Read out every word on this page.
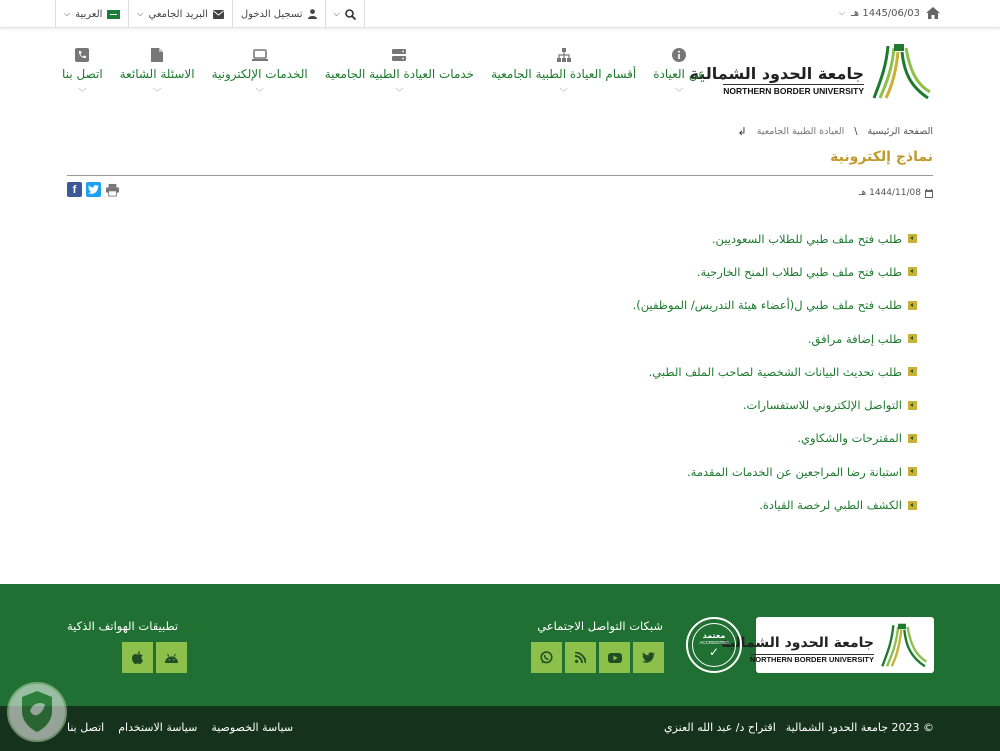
1445/06/03 هـ
⌵
العربية
⌵	البريد الجامعي
⌵	تسجيل الدخول	⌵
جامعة الحدود الشمالية
NORTHERN BORDER UNIVERSITY
عن العيادة
﹀
أقسام العيادة الطبية الجامعية
﹀
خدمات العيادة الطبية الجامعية
﹀
الخدمات الإلكترونية
﹀
الاسئلة الشائعة
﹀
اتصل بنا
﹀
الصفحة الرئيسية
\
العيادة الطبية الجامعية
↲
نماذج إلكترونية
1444/11/08 هـ
f
طلب فتح ملف طبي للطلاب السعوديين.
طلب فتح ملف طبي لطلاب المنح الخارجية.
طلب فتح ملف طبي ل(أعضاء هيئة التدريس/ الموظفين).
طلب إضافة مرافق.
طلب تحديث البيانات الشخصية لصاحب الملف الطبي.
التواصل الإلكتروني للاستفسارات.
المقترحات والشكاوي.
استبانة رضا المراجعين عن الخدمات المقدمة.
الكشف الطبي لرخصة القيادة.
جامعة الحدود الشمالية
NORTHERN BORDER UNIVERSITY
معتمد
ACCREDITED
✓
شبكات التواصل الاجتماعي
تطبيقات الهواتف الذكية
© 2023 جامعة الحدود الشمالية
اقتراح د/ عبد الله العنزي
اتصل بنا سياسة الاستخدام سياسة الخصوصية
